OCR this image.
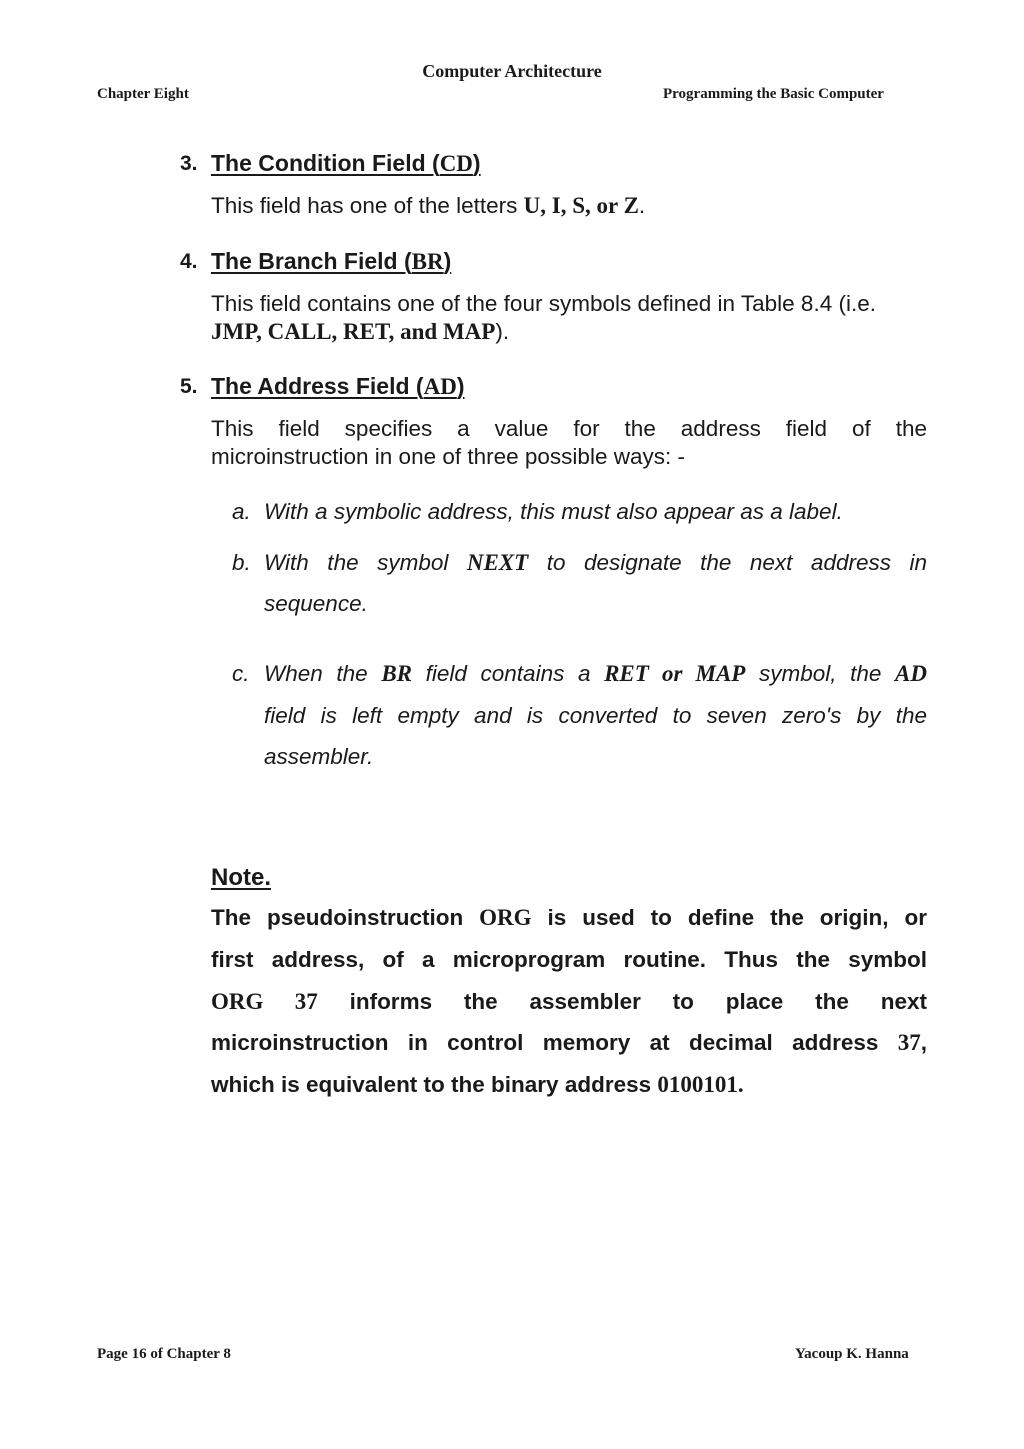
Computer Architecture
Chapter Eight	Programming the Basic Computer
3. The Condition Field (CD)
This field has one of the letters U, I, S, or Z.
4. The Branch Field (BR)
This field contains one of the four symbols defined in Table 8.4 (i.e.
JMP, CALL, RET, and MAP).
5. The Address Field (AD)
This field specifies a value for the address field of the
microinstruction in one of three possible ways: -
a. With a symbolic address, this must also appear as a label.
b. With the symbol NEXT to designate the next address in
sequence.
c. When the BR field contains a RET or MAP symbol, the AD
field is left empty and is converted to seven zero's by the
assembler.
Note.
The pseudoinstruction ORG is used to define the origin, or
first address, of a microprogram routine. Thus the symbol
ORG 37 informs the assembler to place the next
microinstruction in control memory at decimal address 37,
which is equivalent to the binary address 0100101.
Page 16 of Chapter 8	Yacoup K. Hanna
